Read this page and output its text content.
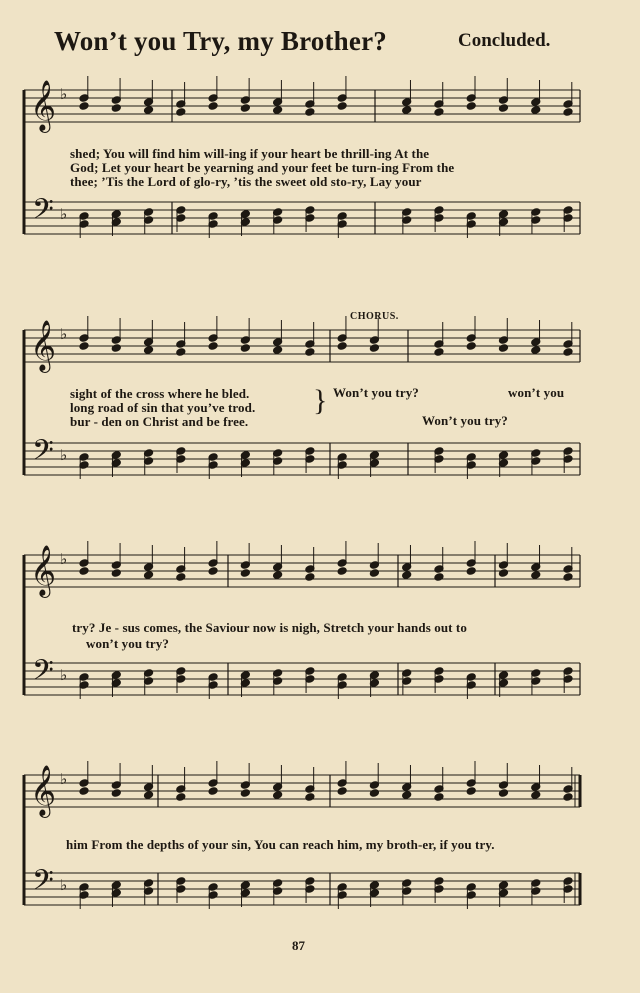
Won’t you Try, my Brother?	Concluded.
𝄞
𝄢
♭
♭
shed; You will find him will-ing if your heart be thrill-ing At the
God; Let your heart be yearning and your feet be turn-ing From the
thee; ’Tis the Lord of glo-ry, ’tis the sweet old sto-ry, Lay your
𝄞
𝄢
♭
♭
CHORUS.
sight of the cross where he bled.
long road of sin that you’ve trod.
bur - den on Christ and be free.
} Won’t you try?	won’t you
Won’t you try?
𝄞
𝄢
♭
♭
try? Je - sus comes, the Saviour now is nigh, Stretch your hands out to
won’t you try?
𝄞
𝄢
♭
♭
him From the depths of your sin, You can reach him, my broth-er, if you try.
87
